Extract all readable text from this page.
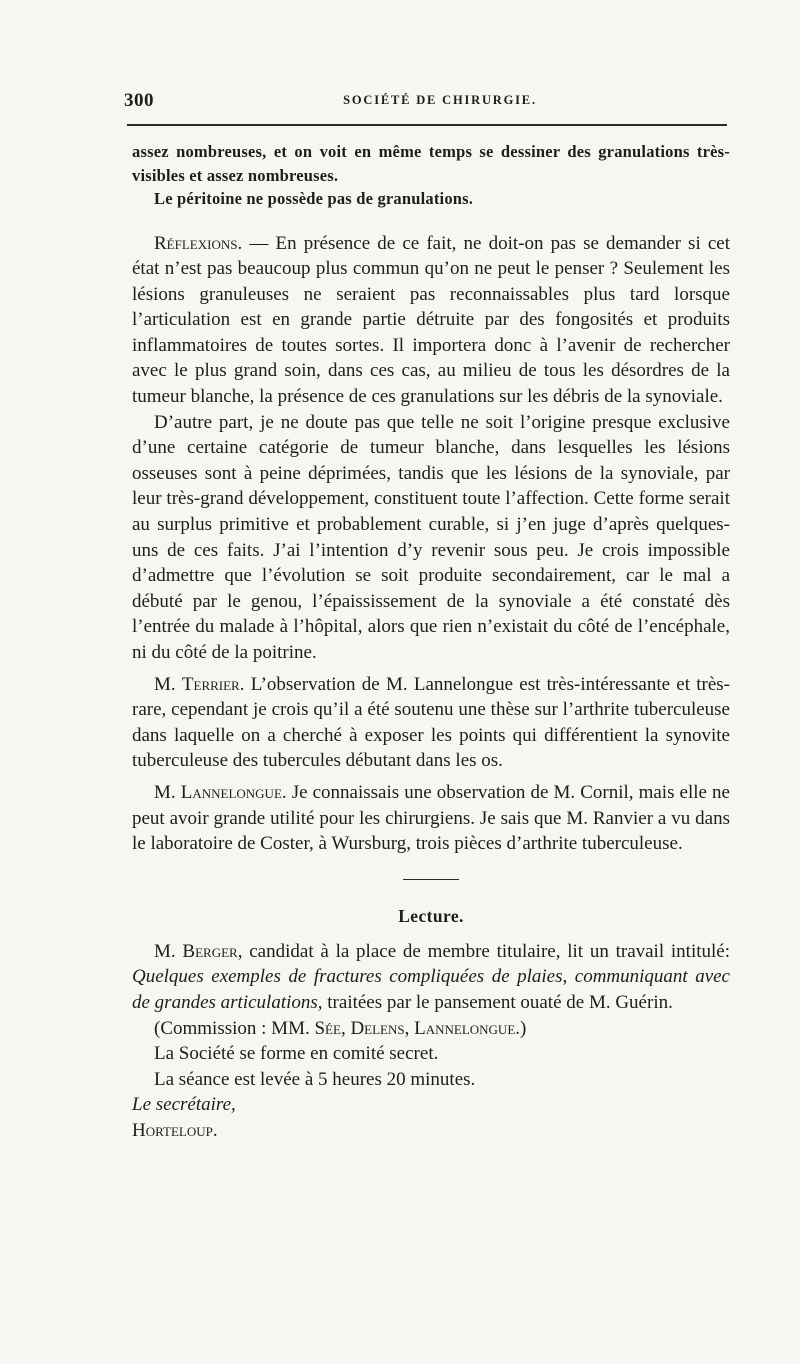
300	SOCIÉTÉ DE CHIRURGIE.

assez nombreuses, et on voit en même temps se dessiner des granulations très-visibles et assez nombreuses.

Le péritoine ne possède pas de granulations.

Réflexions. — En présence de ce fait, ne doit-on pas se demander si cet état n’est pas beaucoup plus commun qu’on ne peut le penser ? Seulement les lésions granuleuses ne seraient pas reconnaissables plus tard lorsque l’articulation est en grande partie détruite par des fongosités et produits inflammatoires de toutes sortes. Il importera donc à l’avenir de rechercher avec le plus grand soin, dans ces cas, au milieu de tous les désordres de la tumeur blanche, la présence de ces granulations sur les débris de la synoviale.

D’autre part, je ne doute pas que telle ne soit l’origine presque exclusive d’une certaine catégorie de tumeur blanche, dans lesquelles les lésions osseuses sont à peine déprimées, tandis que les lésions de la synoviale, par leur très-grand développement, constituent toute l’affection. Cette forme serait au surplus primitive et probablement curable, si j’en juge d’après quelques-uns de ces faits. J’ai l’intention d’y revenir sous peu. Je crois impossible d’admettre que l’évolution se soit produite secondairement, car le mal a débuté par le genou, l’épaississement de la synoviale a été constaté dès l’entrée du malade à l’hôpital, alors que rien n’existait du côté de l’encéphale, ni du côté de la poitrine.

M. Terrier. L’observation de M. Lannelongue est très-intéressante et très-rare, cependant je crois qu’il a été soutenu une thèse sur l’arthrite tuberculeuse dans laquelle on a cherché à exposer les points qui différentient la synovite tuberculeuse des tubercules débutant dans les os.

M. Lannelongue. Je connaissais une observation de M. Cornil, mais elle ne peut avoir grande utilité pour les chirurgiens. Je sais que M. Ranvier a vu dans le laboratoire de Coster, à Wursburg, trois pièces d’arthrite tuberculeuse.

Lecture.

M. Berger, candidat à la place de membre titulaire, lit un travail intitulé: Quelques exemples de fractures compliquées de plaies, communiquant avec de grandes articulations, traitées par le pansement ouaté de M. Guérin.

(Commission : MM. Sée, Delens, Lannelongue.)

La Société se forme en comité secret.

La séance est levée à 5 heures 20 minutes.

Le secrétaire,

Horteloup.
